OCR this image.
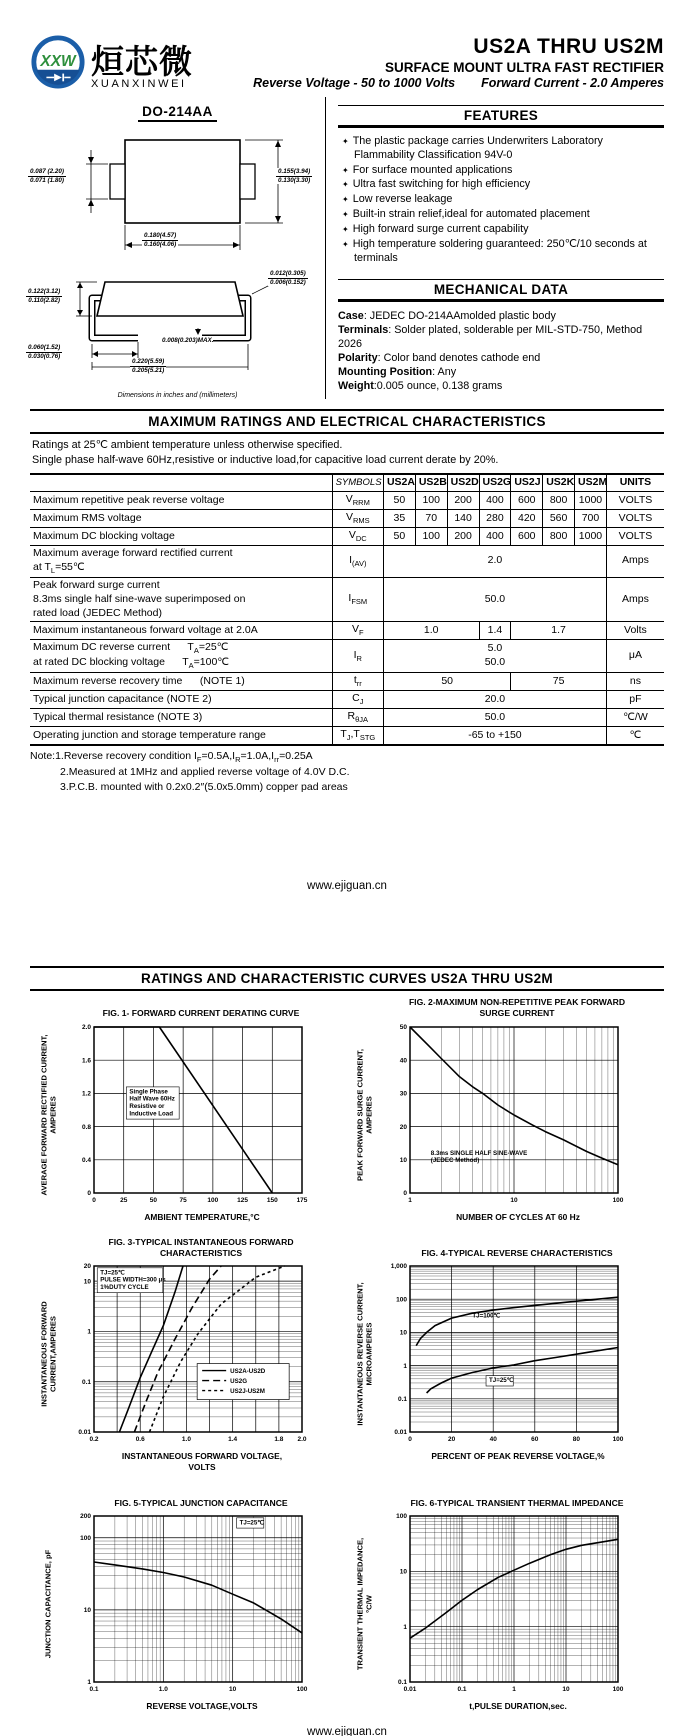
XXW 烜芯微
XUANXINWEI
US2A THRU US2M
SURFACE MOUNT ULTRA FAST RECTIFIER
Reverse Voltage - 50 to 1000 Volts Forward Current - 2.0 Amperes
DO-214AA
0.087 (2.20)
0.071 (1.80)
0.155(3.94)
0.130(3.30)
0.180(4.57)
0.160(4.06)
0.012(0.305)
0.006(0.152)
0.122(3.12)
0.110(2.82)
0.060(1.52)
0.030(0.76)
0.008(0.203)MAX.
0.220(5.59)
0.205(5.21)
Dimensions in inches and (millimeters)
FEATURES
✦ The plastic package carries Underwriters Laboratory Flammability Classification 94V-0
✦ For surface mounted applications
✦ Ultra fast switching for high efficiency
✦ Low reverse leakage
✦ Built-in strain relief,ideal for automated placement
✦ High forward surge current capability
✦ High temperature soldering guaranteed: 250℃/10 seconds at terminals
MECHANICAL DATA
Case: JEDEC DO-214AAmolded plastic body
Terminals: Solder plated, solderable per MIL-STD-750, Method 2026
Polarity: Color band denotes cathode end
Mounting Position: Any
Weight:0.005 ounce, 0.138 grams
MAXIMUM RATINGS AND ELECTRICAL CHARACTERISTICS
Ratings at 25℃ ambient temperature unless otherwise specified.
Single phase half-wave 60Hz,resistive or inductive load,for capacitive load current derate by 20%.
	SYMBOLS	US2A	US2B	US2D	US2G	US2J	US2K	US2M	UNITS
Maximum repetitive peak reverse voltage	$V_{RRM}$	50	100	200	400	600	800	1000	VOLTS
Maximum RMS voltage	$V_{RMS}$	35	70	140	280	420	560	700	VOLTS
Maximum DC blocking voltage	$V_{DC}$	50	100	200	400	600	800	1000	VOLTS
Maximum average forward rectified current
at $T_L=55℃$	$I_{(AV)}$	2.0							Amps
Peak forward surge current
8.3ms single half sine-wave superimposed on
rated load (JEDEC Method)	$I_{FSM}$	50.0							Amps
Maximum instantaneous forward voltage at 2.0A	$V_F$	1.0			1.4	1.7			Volts
Maximum DC reverse current      $T_A=25℃$
at rated DC blocking voltage      $T_A=100℃$	$I_R$	5.0
50.0							μA
Maximum reverse recovery time      (NOTE 1)	$t_{rr}$	50				75			ns
Typical junction capacitance (NOTE 2)	$C_J$	20.0							pF
Typical thermal resistance (NOTE 3)	$R_{\theta JA}$	50.0							℃/W
Operating junction and storage temperature range	$T_J,T_{STG}$	-65 to +150							℃
Note:1.Reverse recovery condition $I_F=0.5A,I_R=1.0A,I_{rr}=0.25A$
2.Measured at 1MHz and applied reverse voltage of 4.0V D.C.
3.P.C.B. mounted with 0.2x0.2″(5.0x5.0mm) copper pad areas
www.ejiguan.cn
RATINGS AND CHARACTERISTIC CURVES US2A THRU US2M
FIG. 1- FORWARD CURRENT DERATING CURVE
AVERAGE FORWARD RECTIFIED CURRENT,
AMPERES
0	25	50	75	100	125	150	175
0
0.4
0.8
1.2
1.6
2.0
Single Phase
Half Wave 60Hz
Resistive or
Inductive Load
AMBIENT TEMPERATURE,°C
FIG. 2-MAXIMUM NON-REPETITIVE PEAK FORWARD
SURGE CURRENT
PEAK FORWARD SURGE CURRENT,
AMPERES
1	10	100
0
10
20
30
40
50
8.3ms SINGLE HALF SINE-WAVE
(JEDEC Method)
NUMBER OF CYCLES AT 60 Hz
FIG. 3-TYPICAL INSTANTANEOUS FORWARD
CHARACTERISTICS
INSTANTANEOUS FORWARD
CURRENT,AMPERES
0.2	0.6	1.0	1.4	1.8 2.0
0.01
0.1
1
10
20
TJ=25℃
PULSE WIDTH=300 μs
1%DUTY CYCLE
US2A-US2D
US2G
US2J-US2M
INSTANTANEOUS FORWARD VOLTAGE,
VOLTS
FIG. 4-TYPICAL REVERSE CHARACTERISTICS
INSTANTANEOUS REVERSE CURRENT,
MICROAMPERES
0	20	40	60	80	100
0.01
0.1
1
10
100
1,000
TJ=100℃
TJ=25℃
PERCENT OF PEAK REVERSE VOLTAGE,%
FIG. 5-TYPICAL JUNCTION CAPACITANCE
JUNCTION CAPACITANCE, pF
0.1	1.0	10	100
1
10
100
200
TJ=25℃
REVERSE VOLTAGE,VOLTS
FIG. 6-TYPICAL TRANSIENT THERMAL IMPEDANCE
TRANSIENT THERMAL IMPEDANCE,
°C/W
0.01	0.1	1	10	100
0.1
1
10
100
t,PULSE DURATION,sec.
www.ejiguan.cn
